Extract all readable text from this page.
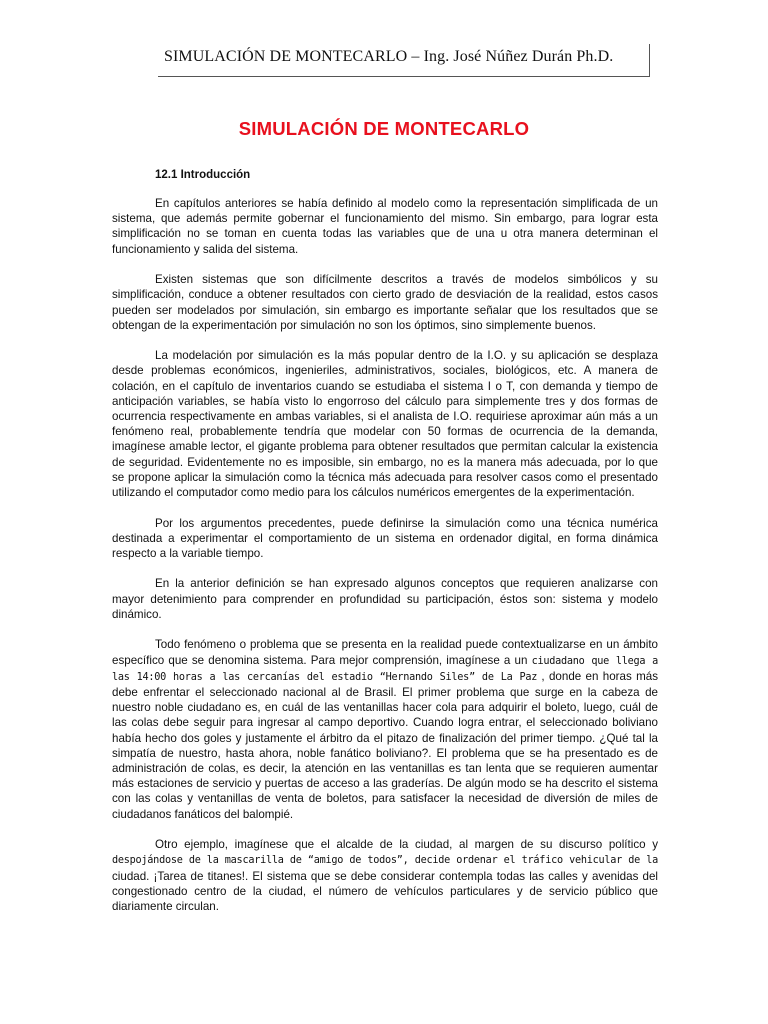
SIMULACIÓN DE MONTECARLO – Ing. José Núñez Durán Ph.D.
SIMULACIÓN DE MONTECARLO
12.1 Introducción

En capítulos anteriores se había definido al modelo como la representación simplificada de un sistema, que además permite gobernar el funcionamiento del mismo. Sin embargo, para lograr esta simplificación no se toman en cuenta todas las variables que de una u otra manera determinan el funcionamiento y salida del sistema.

Existen sistemas que son difícilmente descritos a través de modelos simbólicos y su simplificación, conduce a obtener resultados con cierto grado de desviación de la realidad, estos casos pueden ser modelados por simulación, sin embargo es importante señalar que los resultados que se obtengan de la experimentación por simulación no son los óptimos, sino simplemente buenos.

La modelación por simulación es la más popular dentro de la I.O. y su aplicación se desplaza desde problemas económicos, ingenieriles, administrativos, sociales, biológicos, etc. A manera de colación, en el capítulo de inventarios cuando se estudiaba el sistema I o T, con demanda y tiempo de anticipación variables, se había visto lo engorroso del cálculo para simplemente tres y dos formas de ocurrencia respectivamente en ambas variables, si el analista de I.O. requiriese aproximar aún más a un fenómeno real, probablemente tendría que modelar con 50 formas de ocurrencia de la demanda, imagínese amable lector, el gigante problema para obtener resultados que permitan calcular la existencia de seguridad. Evidentemente no es imposible, sin embargo, no es la manera más adecuada, por lo que se propone aplicar la simulación como la técnica más adecuada para resolver casos como el presentado utilizando el computador como medio para los cálculos numéricos emergentes de la experimentación.

Por los argumentos precedentes, puede definirse la simulación como una técnica numérica destinada a experimentar el comportamiento de un sistema en ordenador digital, en forma dinámica respecto a la variable tiempo.

En la anterior definición se han expresado algunos conceptos que requieren analizarse con mayor detenimiento para comprender en profundidad su participación, éstos son: sistema y modelo dinámico.

Todo fenómeno o problema que se presenta en la realidad puede contextualizarse en un ámbito específico que se denomina sistema. Para mejor comprensión, imagínese a un ciudadano que llega a las 14:00 horas a las cercanías del estadio “Hernando Siles” de La Paz , donde en horas más debe enfrentar el seleccionado nacional al de Brasil. El primer problema que surge en la cabeza de nuestro noble ciudadano es, en cuál de las ventanillas hacer cola para adquirir el boleto, luego, cuál de las colas debe seguir para ingresar al campo deportivo. Cuando logra entrar, el seleccionado boliviano había hecho dos goles y justamente el árbitro da el pitazo de finalización del primer tiempo. ¿Qué tal la simpatía de nuestro, hasta ahora, noble fanático boliviano?. El problema que se ha presentado es de administración de colas, es decir, la atención en las ventanillas es tan lenta que se requieren aumentar más estaciones de servicio y puertas de acceso a las graderías. De algún modo se ha descrito el sistema con las colas y ventanillas de venta de boletos, para satisfacer la necesidad de diversión de miles de ciudadanos fanáticos del balompié.

Otro ejemplo, imagínese que el alcalde de la ciudad, al margen de su discurso político y despojándose de la mascarilla de “amigo de todos”, decide ordenar el tráfico vehicular de la ciudad. ¡Tarea de titanes!. El sistema que se debe considerar contempla todas las calles y avenidas del congestionado centro de la ciudad, el número de vehículos particulares y de servicio público que diariamente circulan.
